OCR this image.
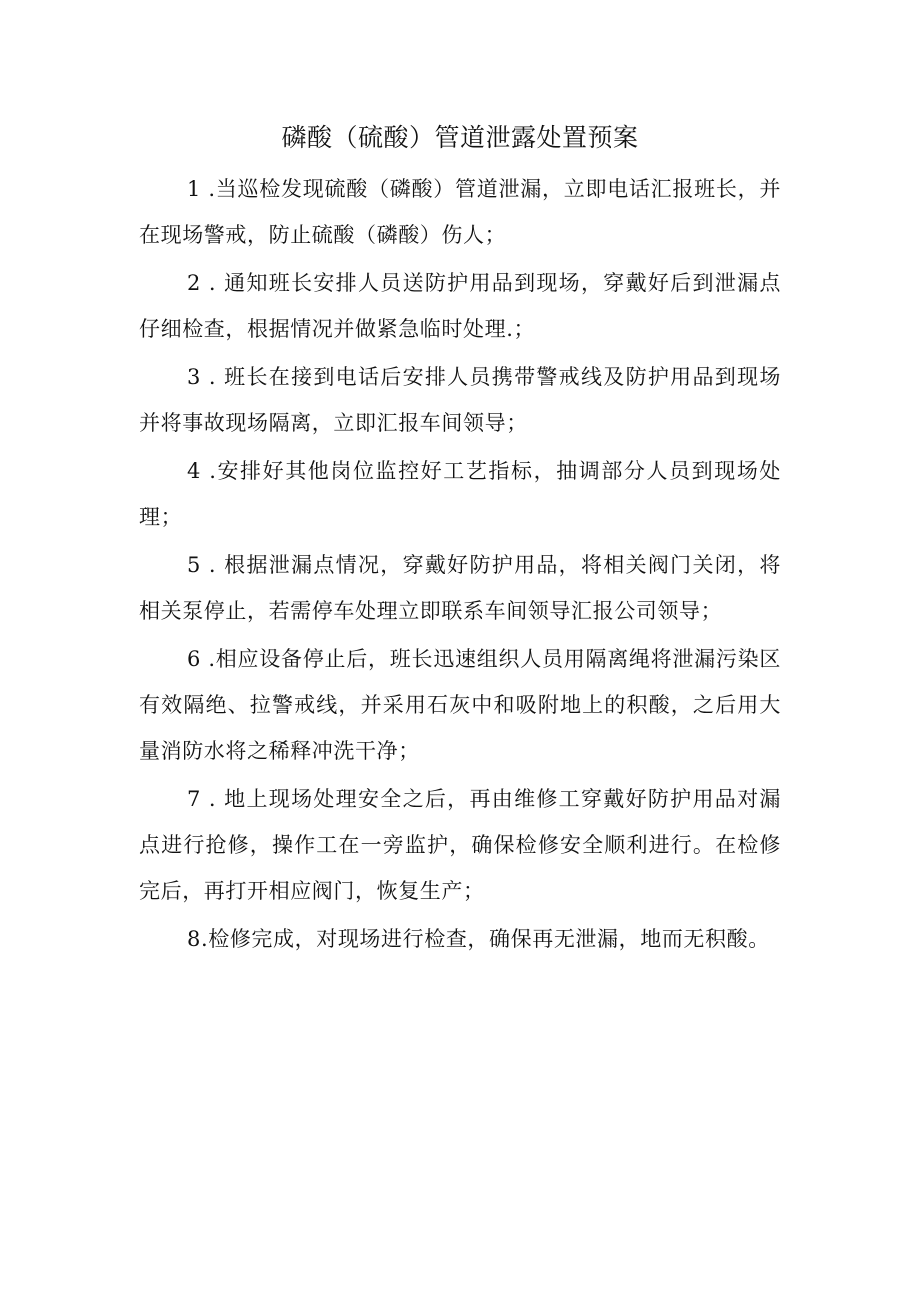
磷酸（硫酸）管道泄露处置预案

1 .当巡检发现硫酸（磷酸）管道泄漏，立即电话汇报班长，并在现场警戒，防止硫酸（磷酸）伤人；

2 . 通知班长安排人员送防护用品到现场，穿戴好后到泄漏点仔细检查，根据情况并做紧急临时处理.；

3 . 班长在接到电话后安排人员携带警戒线及防护用品到现场并将事故现场隔离，立即汇报车间领导；

4 .安排好其他岗位监控好工艺指标，抽调部分人员到现场处理；

5 . 根据泄漏点情况，穿戴好防护用品，将相关阀门关闭，将相关泵停止，若需停车处理立即联系车间领导汇报公司领导；

6 .相应设备停止后，班长迅速组织人员用隔离绳将泄漏污染区有效隔绝、拉警戒线，并采用石灰中和吸附地上的积酸，之后用大量消防水将之稀释冲洗干净；

7 . 地上现场处理安全之后，再由维修工穿戴好防护用品对漏点进行抢修，操作工在一旁监护，确保检修安全顺利进行。在检修完后，再打开相应阀门，恢复生产；

8.检修完成，对现场进行检查，确保再无泄漏，地而无积酸。
